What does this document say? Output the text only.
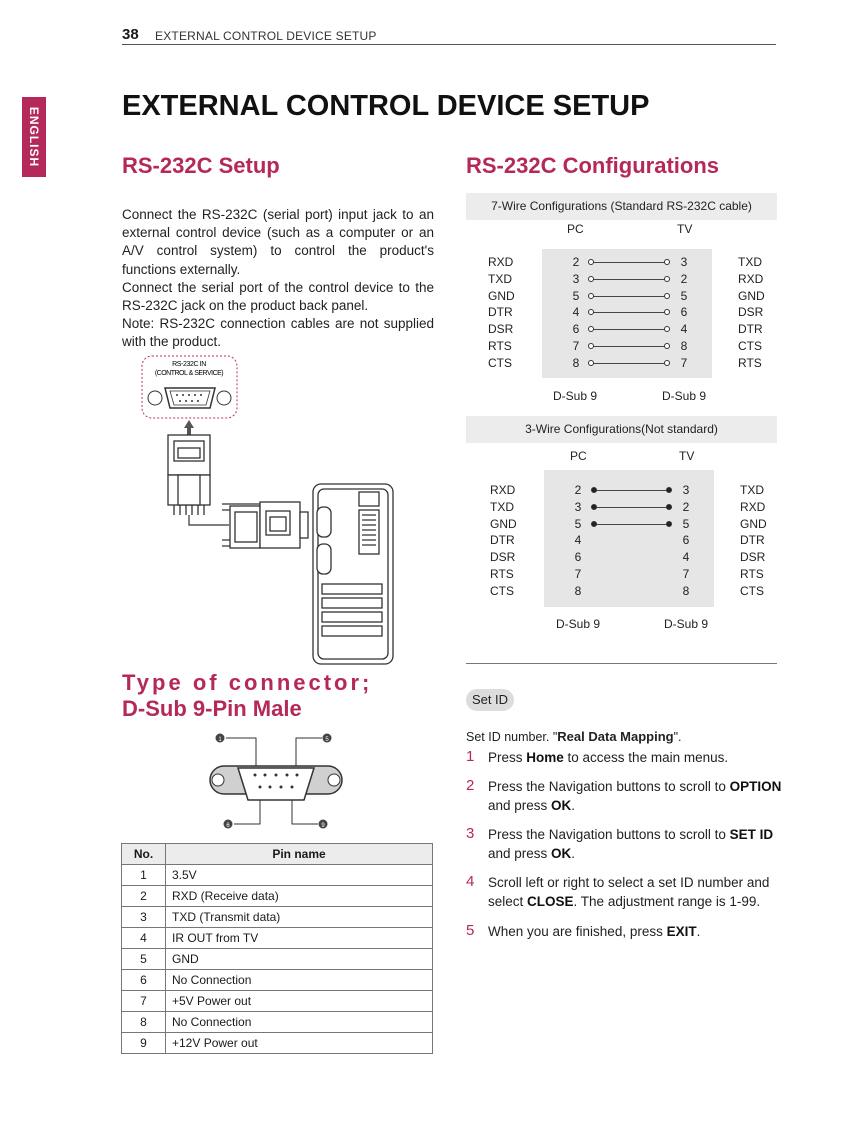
38 EXTERNAL CONTROL DEVICE SETUP
ENGLISH
EXTERNAL CONTROL DEVICE SETUP
RS-232C Setup

Connect the RS-232C (serial port) input jack to an external control device (such as a computer or an A/V control system) to control the product's functions externally.

Connect the serial port of the control device to the RS-232C jack on the product back panel.

Note: RS-232C connection cables are not supplied with the product.

RS-232C IN
(CONTROL & SERVICE)
Type of connector;
D-Sub 9-Pin Male
1	5
6	9
No.	Pin name
1	3.5V
2	RXD (Receive data)
3	TXD (Transmit data)
4	IR OUT from TV
5	GND
6	No Connection
7	+5V Power out
8	No Connection
9	+12V Power out
RS-232C Configurations
7-Wire Configurations (Standard RS-232C cable)
PC	TV
RXD	2	3	TXD
TXD	3	2	RXD
GND	5	5	GND
DTR	4	6	DSR
DSR	6	4	DTR
RTS	7	8	CTS
CTS	8	7	RTS
D-Sub 9	D-Sub 9
3-Wire Configurations(Not standard)
PC	TV
RXD	2	3	TXD
TXD	3	2	RXD
GND	5	5	GND
DTR	4	6	DTR
DSR	6	4	DSR
RTS	7	7	RTS
CTS	8	8	CTS
D-Sub 9	D-Sub 9
Set ID
Set ID number. "Real Data Mapping".
1 Press Home to access the main menus.
2 Press the Navigation buttons to scroll to OPTION and press OK.
3 Press the Navigation buttons to scroll to SET ID and press OK.
4 Scroll left or right to select a set ID number and select CLOSE. The adjustment range is 1-99.
5 When you are finished, press EXIT.
